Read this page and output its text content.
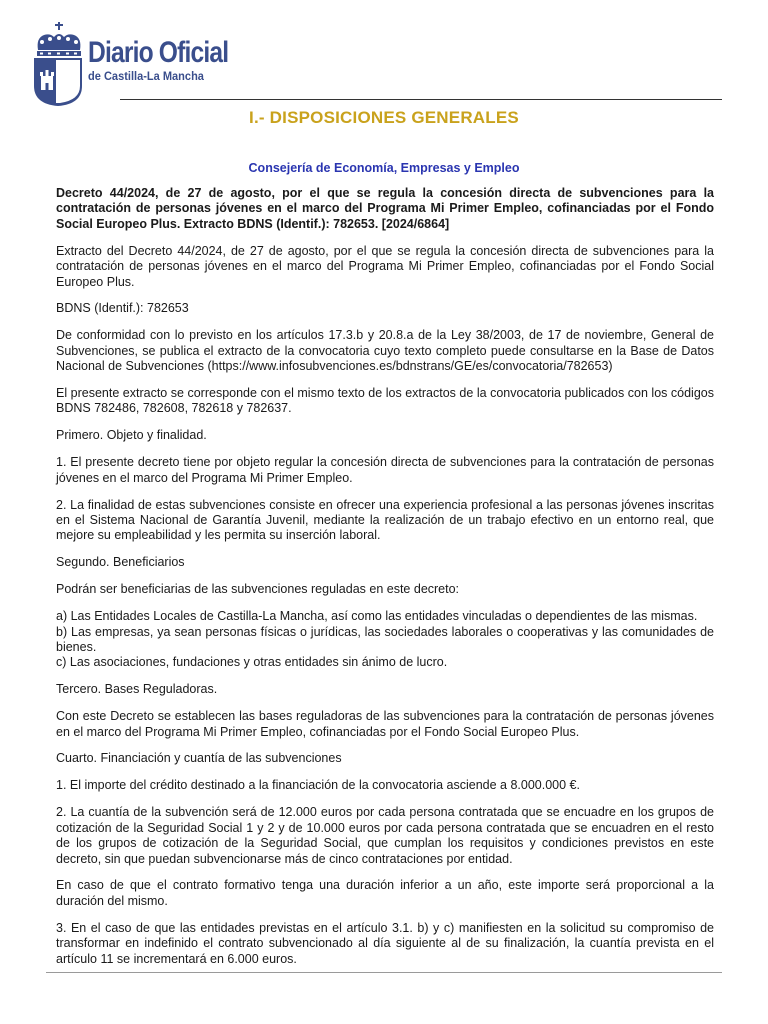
Diario Oficial
de Castilla-La Mancha
I.- DISPOSICIONES GENERALES
Consejería de Economía, Empresas y Empleo

Decreto 44/2024, de 27 de agosto, por el que se regula la concesión directa de subvenciones para la contratación de personas jóvenes en el marco del Programa Mi Primer Empleo, cofinanciadas por el Fondo Social Europeo Plus. Extracto BDNS (Identif.): 782653. [2024/6864]

Extracto del Decreto 44/2024, de 27 de agosto, por el que se regula la concesión directa de subvenciones para la contratación de personas jóvenes en el marco del Programa Mi Primer Empleo, cofinanciadas por el Fondo Social Europeo Plus.

BDNS (Identif.): 782653

De conformidad con lo previsto en los artículos 17.3.b y 20.8.a de la Ley 38/2003, de 17 de noviembre, General de Subvenciones, se publica el extracto de la convocatoria cuyo texto completo puede consultarse en la Base de Datos Nacional de Subvenciones (https://www.infosubvenciones.es/bdnstrans/GE/es/convocatoria/782653)

El presente extracto se corresponde con el mismo texto de los extractos de la convocatoria publicados con los códigos BDNS 782486, 782608, 782618 y 782637.

Primero. Objeto y finalidad.

1. El presente decreto tiene por objeto regular la concesión directa de subvenciones para la contratación de personas jóvenes en el marco del Programa Mi Primer Empleo.

2. La finalidad de estas subvenciones consiste en ofrecer una experiencia profesional a las personas jóvenes inscritas en el Sistema Nacional de Garantía Juvenil, mediante la realización de un trabajo efectivo en un entorno real, que mejore su empleabilidad y les permita su inserción laboral.

Segundo. Beneficiarios

Podrán ser beneficiarias de las subvenciones reguladas en este decreto:

a) Las Entidades Locales de Castilla-La Mancha, así como las entidades vinculadas o dependientes de las mismas.

b) Las empresas, ya sean personas físicas o jurídicas, las sociedades laborales o cooperativas y las comunidades de bienes.

c) Las asociaciones, fundaciones y otras entidades sin ánimo de lucro.

Tercero. Bases Reguladoras.

Con este Decreto se establecen las bases reguladoras de las subvenciones para la contratación de personas jóvenes en el marco del Programa Mi Primer Empleo, cofinanciadas por el Fondo Social Europeo Plus.

Cuarto. Financiación y cuantía de las subvenciones

1. El importe del crédito destinado a la financiación de la convocatoria asciende a 8.000.000 €.

2. La cuantía de la subvención será de 12.000 euros por cada persona contratada que se encuadre en los grupos de cotización de la Seguridad Social 1 y 2 y de 10.000 euros por cada persona contratada que se encuadren en el resto de los grupos de cotización de la Seguridad Social, que cumplan los requisitos y condiciones previstos en este decreto, sin que puedan subvencionarse más de cinco contrataciones por entidad.

En caso de que el contrato formativo tenga una duración inferior a un año, este importe será proporcional a la duración del mismo.

3. En el caso de que las entidades previstas en el artículo 3.1. b) y c) manifiesten en la solicitud su compromiso de transformar en indefinido el contrato subvencionado al día siguiente al de su finalización, la cuantía prevista en el artículo 11 se incrementará en 6.000 euros.
